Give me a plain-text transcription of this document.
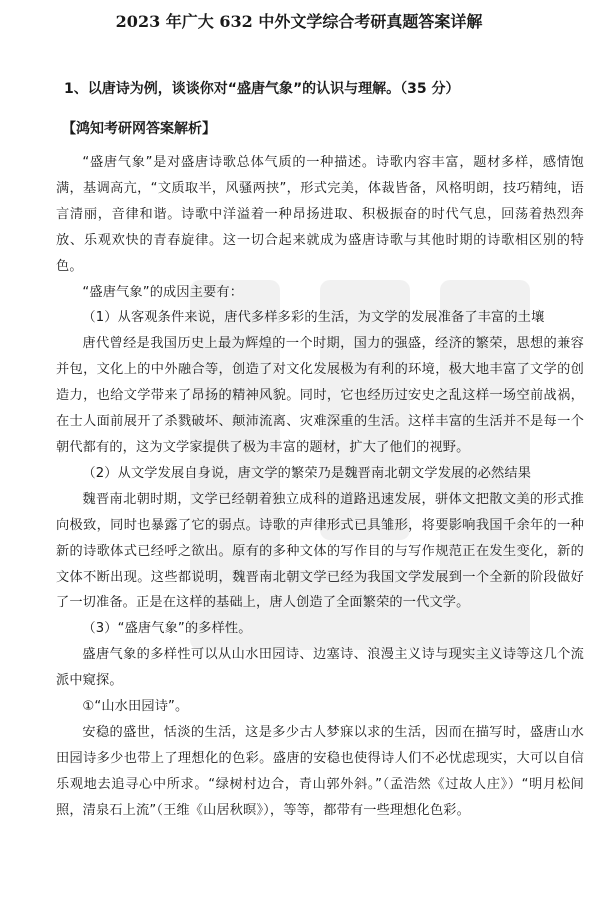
2023 年广大 632 中外文学综合考研真题答案详解
1、以唐诗为例，谈谈你对“盛唐气象”的认识与理解。（35 分）
【鸿知考研网答案解析】

“盛唐气象”是对盛唐诗歌总体气质的一种描述。诗歌内容丰富，题材多样，感情饱满，基调高亢，“文质取半，风骚两挟”，形式完美，体裁皆备，风格明朗，技巧精纯，语言清丽，音律和谐。诗歌中洋溢着一种昂扬进取、积极振奋的时代气息，回荡着热烈奔放、乐观欢快的青春旋律。这一切合起来就成为盛唐诗歌与其他时期的诗歌相区别的特色。

“盛唐气象”的成因主要有：

（1）从客观条件来说，唐代多样多彩的生活，为文学的发展准备了丰富的土壤

唐代曾经是我国历史上最为辉煌的一个时期，国力的强盛，经济的繁荣，思想的兼容并包，文化上的中外融合等，创造了对文化发展极为有利的环境，极大地丰富了文学的创造力，也给文学带来了昂扬的精神风貌。同时，它也经历过安史之乱这样一场空前战祸，在士人面前展开了杀戮破坏、颠沛流离、灾难深重的生活。这样丰富的生活并不是每一个朝代都有的，这为文学家提供了极为丰富的题材，扩大了他们的视野。

（2）从文学发展自身说，唐文学的繁荣乃是魏晋南北朝文学发展的必然结果

魏晋南北朝时期，文学已经朝着独立成科的道路迅速发展，骈体文把散文美的形式推向极致，同时也暴露了它的弱点。诗歌的声律形式已具雏形，将要影响我国千余年的一种新的诗歌体式已经呼之欲出。原有的多种文体的写作目的与写作规范正在发生变化，新的文体不断出现。这些都说明，魏晋南北朝文学已经为我国文学发展到一个全新的阶段做好了一切准备。正是在这样的基础上，唐人创造了全面繁荣的一代文学。

（3）“盛唐气象”的多样性。

盛唐气象的多样性可以从山水田园诗、边塞诗、浪漫主义诗与现实主义诗等这几个流派中窥探。

①“山水田园诗”。

安稳的盛世，恬淡的生活，这是多少古人梦寐以求的生活，因而在描写时，盛唐山水田园诗多少也带上了理想化的色彩。盛唐的安稳也使得诗人们不必忧虑现实，大可以自信乐观地去追寻心中所求。“绿树村边合，青山郭外斜。”（孟浩然《过故人庄》）“明月松间照，清泉石上流”（王维《山居秋暝》），等等，都带有一些理想化色彩。
